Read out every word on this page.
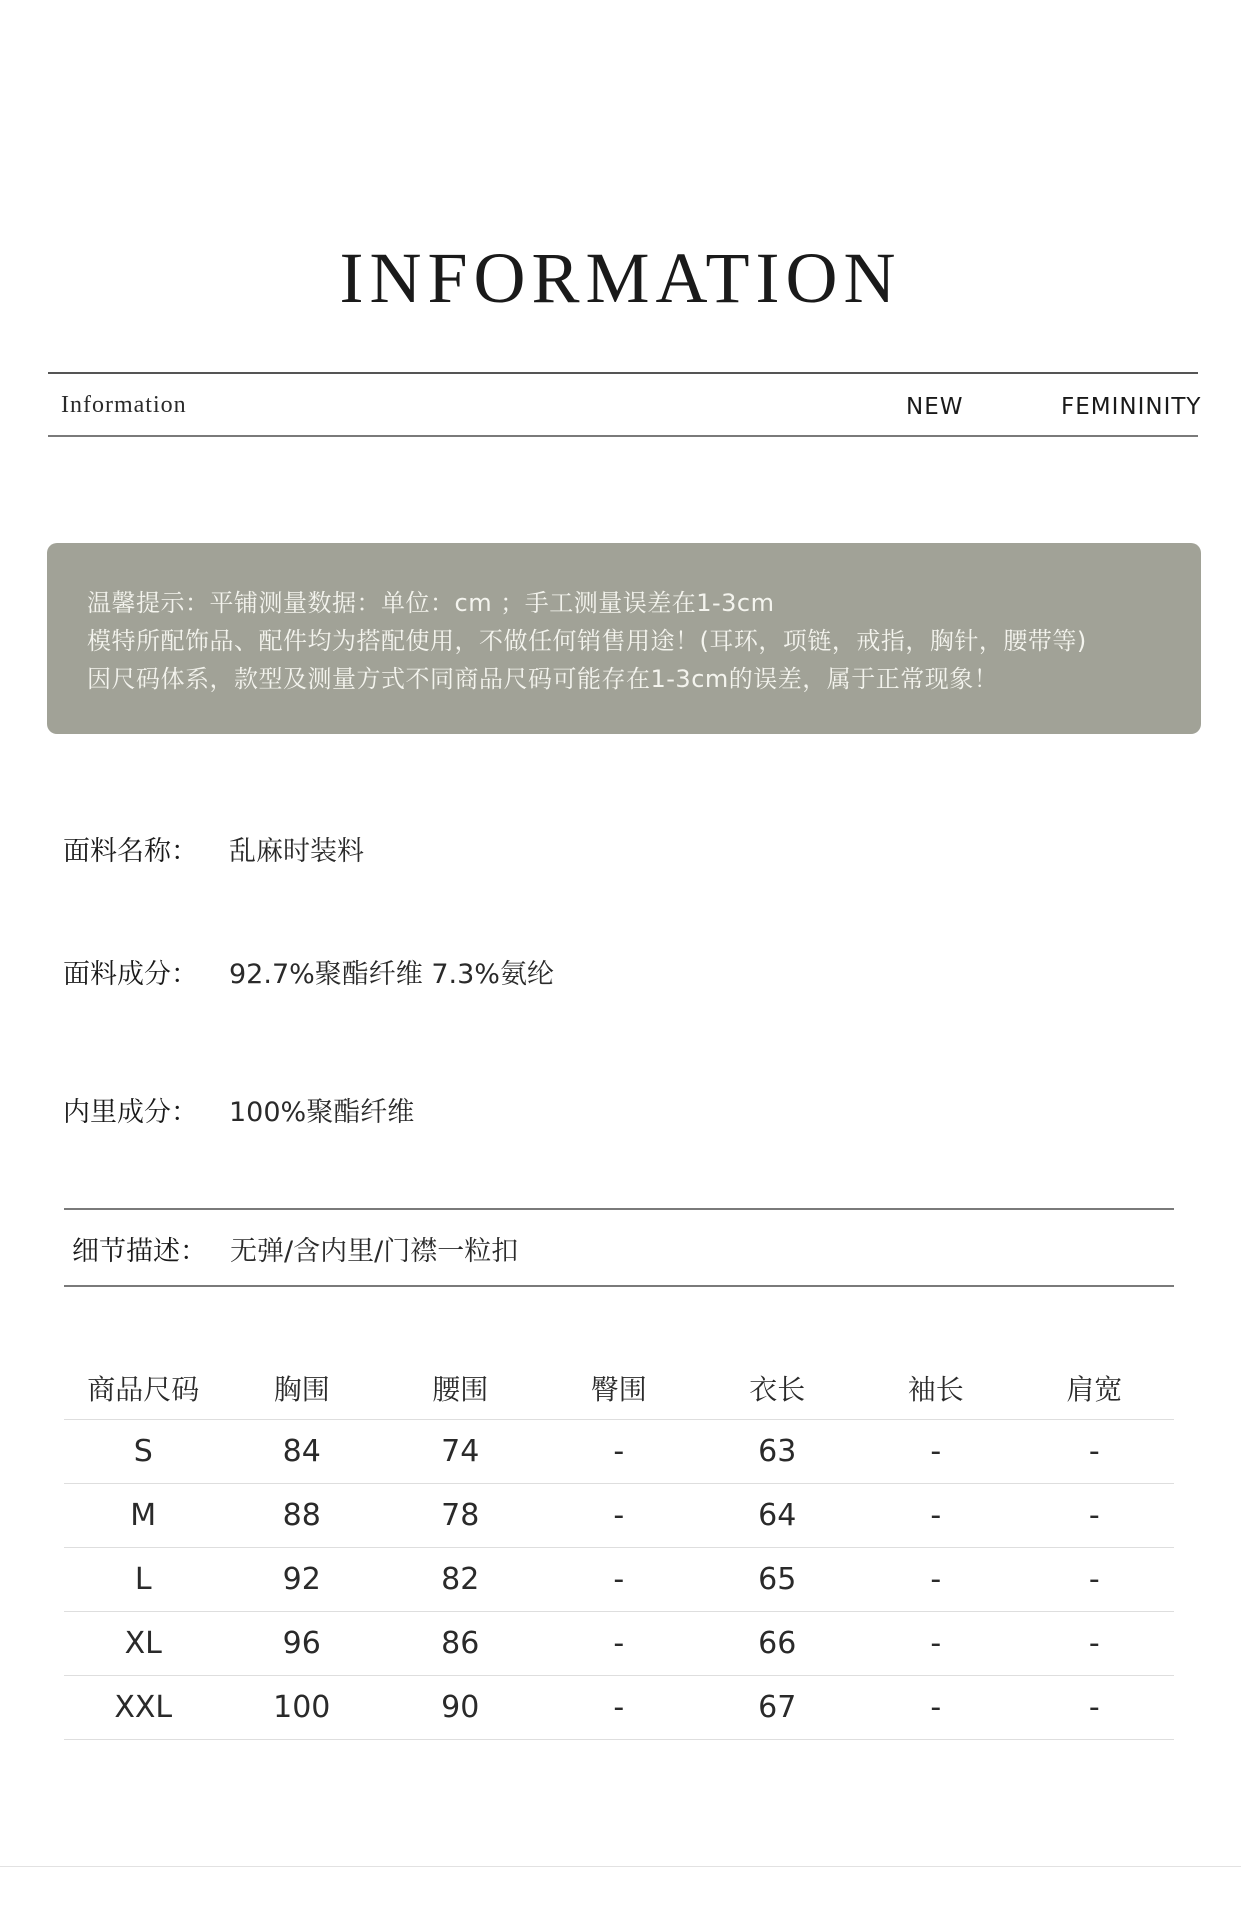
INFORMATION
Information	NEW	FEMININITY
温馨提示：平铺测量数据：单位：cm ；手工测量误差在1-3cm
模特所配饰品、配件均为搭配使用，不做任何销售用途！(耳环，项链，戒指，胸针，腰带等)
因尺码体系，款型及测量方式不同商品尺码可能存在1-3cm的误差，属于正常现象！
面料名称： 乱麻时装料
面料成分： 92.7%聚酯纤维 7.3%氨纶
内里成分： 100%聚酯纤维
细节描述： 无弹/含内里/门襟一粒扣
商品尺码	胸围	腰围	臀围	衣长	袖长	肩宽
S	84	74	-	63	-	-
M	88	78	-	64	-	-
L	92	82	-	65	-	-
XL	96	86	-	66	-	-
XXL	100	90	-	67	-	-
